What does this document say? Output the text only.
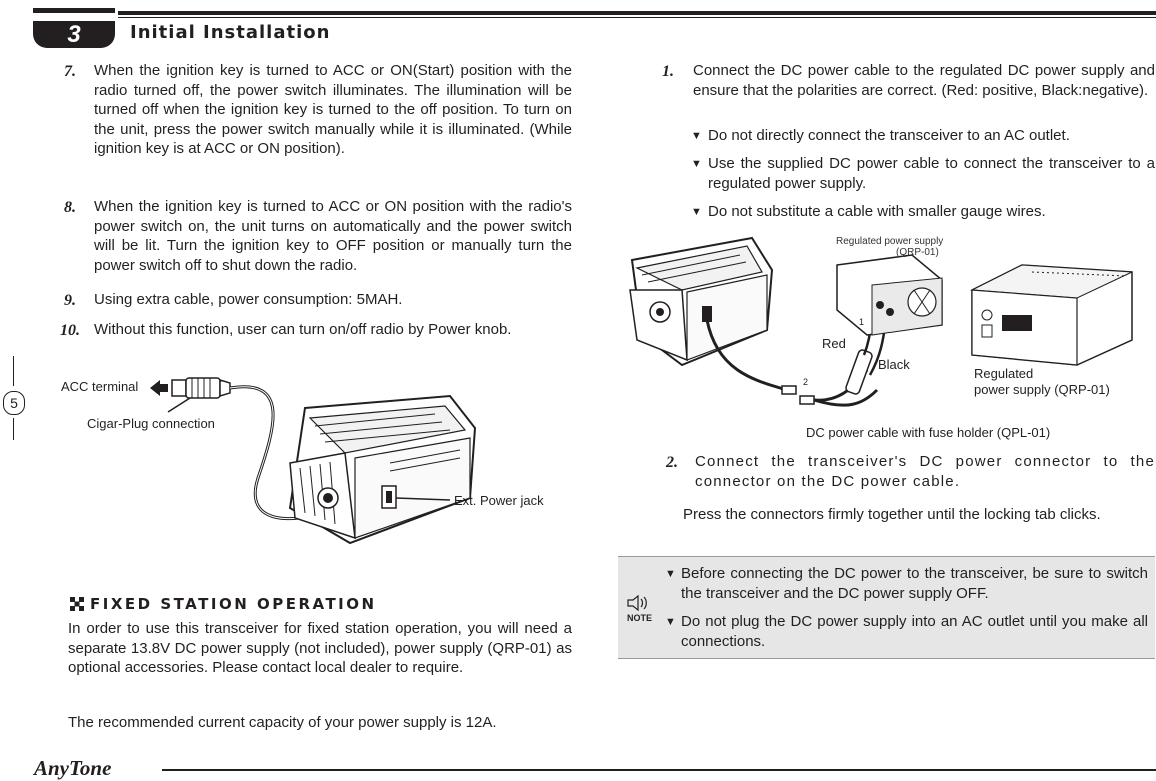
3	Initial Installation
5
7. When the ignition key is turned to ACC or ON(Start) position with the radio turned off, the power switch illuminates. The illumination will be turned off when the ignition key is turned to the off position. To turn on the unit, press the power switch manually while it is illuminated. (While ignition key is at ACC or ON position).
8. When the ignition key is turned to ACC or ON position with the radio's power switch on, the unit turns on automatically and the power switch will be lit. Turn the ignition key to OFF position or manually turn the power switch off to shut down the radio.
9. Using extra cable, power consumption: 5MAH.
10. Without this function, user can turn on/off radio by Power knob.
ACC terminal
Cigar-Plug connection
Ext. Power jack
FIXED STATION OPERATION
In order to use this transceiver for fixed station operation, you will need a separate 13.8V DC power supply (not included), power supply (QRP-01) as optional accessories. Please contact local dealer to require.
The recommended current capacity of your power supply is 12A.
1. Connect the DC power cable to the regulated DC power supply and ensure that the polarities are correct. (Red: positive, Black:negative).
▼ Do not directly connect the transceiver to an AC outlet.
▼ Use the supplied DC power cable to connect the transceiver to a regulated power supply.
▼ Do not substitute a cable with smaller gauge wires.
1
2
Regulated power supply
(QRP-01)
Red
Black
Regulated
power supply (QRP-01)
DC power cable with fuse holder (QPL-01)
2. Connect the transceiver's DC power connector to the connector on the DC power cable.
Press the connectors firmly together until the locking tab clicks.
NOTE
▼ Before connecting the DC power to the transceiver, be sure to switch the transceiver and the DC power supply OFF.
▼ Do not plug the DC power supply into an AC outlet until you make all connections.
AnyTone
